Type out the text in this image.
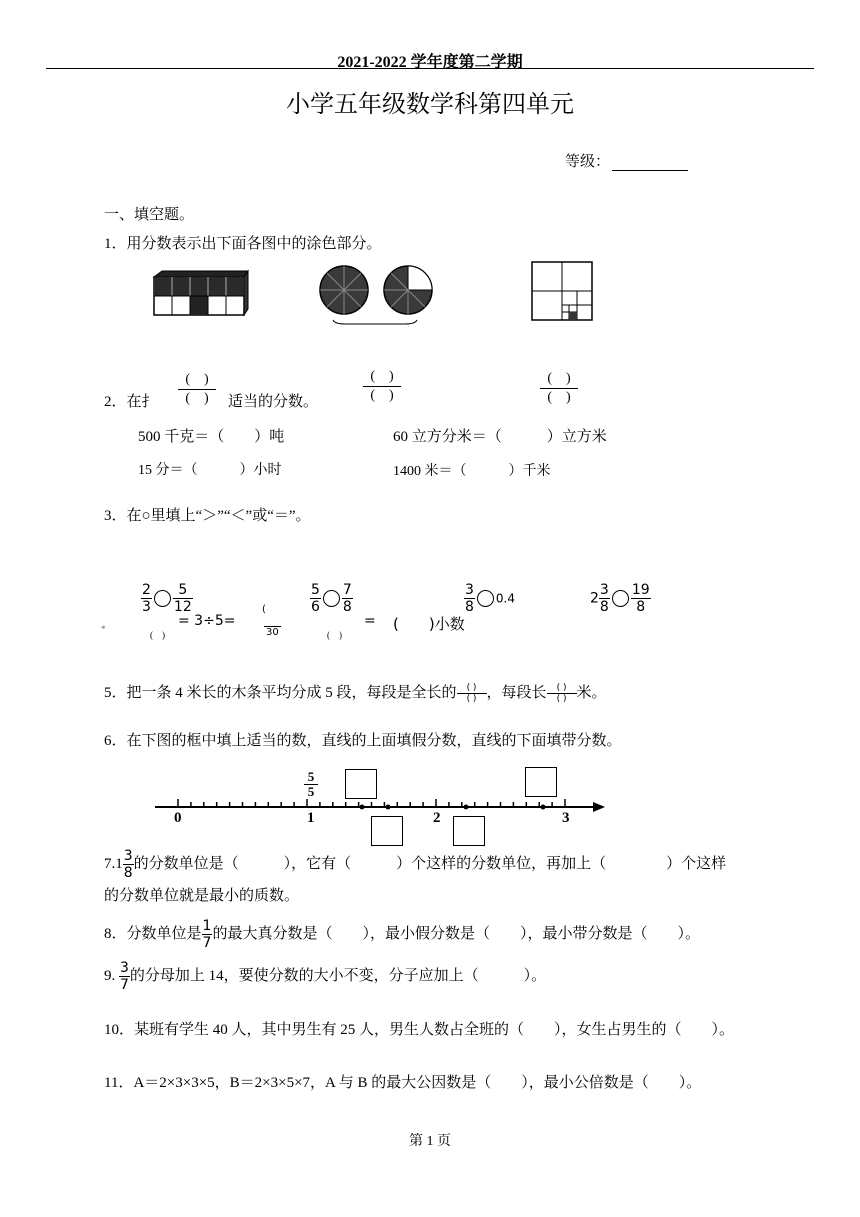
2021-2022 学年度第二学期
小学五年级数学科第四单元
等级：
一、填空题。
1．用分数表示出下面各图中的涂色部分。
2．在扌
(　)
(　)	适当的分数。
(　)
(　)
(　)
(　)
500 千克＝（　　）吨	60 立方分米＝（　　　）立方米
15 分＝（　　　）小时	1400 米＝（　　　）千米
3．在○里填上“＞”“＜”或“＝”。
$\frac{2}{3} \frac{5}{12}$	$\frac{5}{6} \frac{7}{8}$	$\frac{3}{8} 0.4$	$2 \frac{3}{8} \frac{19}{8}$
*
(　)
= 3÷5=
(
30	(　)
= (　　)小数
5．把一条 4 米长的木条平均分成 5 段，每段是全长的 $\frac{( )}{( )}$ ，每段长 $\frac{( )}{( )}$ 米。
6．在下图的框中填上适当的数，直线的上面填假分数，直线的下面填带分数。
0	1	2	3
$\frac{5}{5}$
$7.1 \frac{3}{8}$ 的分数单位是（　　　），它有（　　　）个这样的分数单位，再加上（　　　　）个这样
的分数单位就是最小的质数。
8．分数单位是 $\frac{1}{7}$ 的最大真分数是（　　），最小假分数是（　　），最小带分数是（　　）。
9. $\frac{3}{7}$ 的分母加上 14，要使分数的大小不变，分子应加上（　　　）。
10．某班有学生 40 人，其中男生有 25 人，男生人数占全班的（　　），女生占男生的（　　）。
11．A＝2×3×3×5，B＝2×3×5×7，A 与 B 的最大公因数是（　　），最小公倍数是（　　）。
第 1 页
